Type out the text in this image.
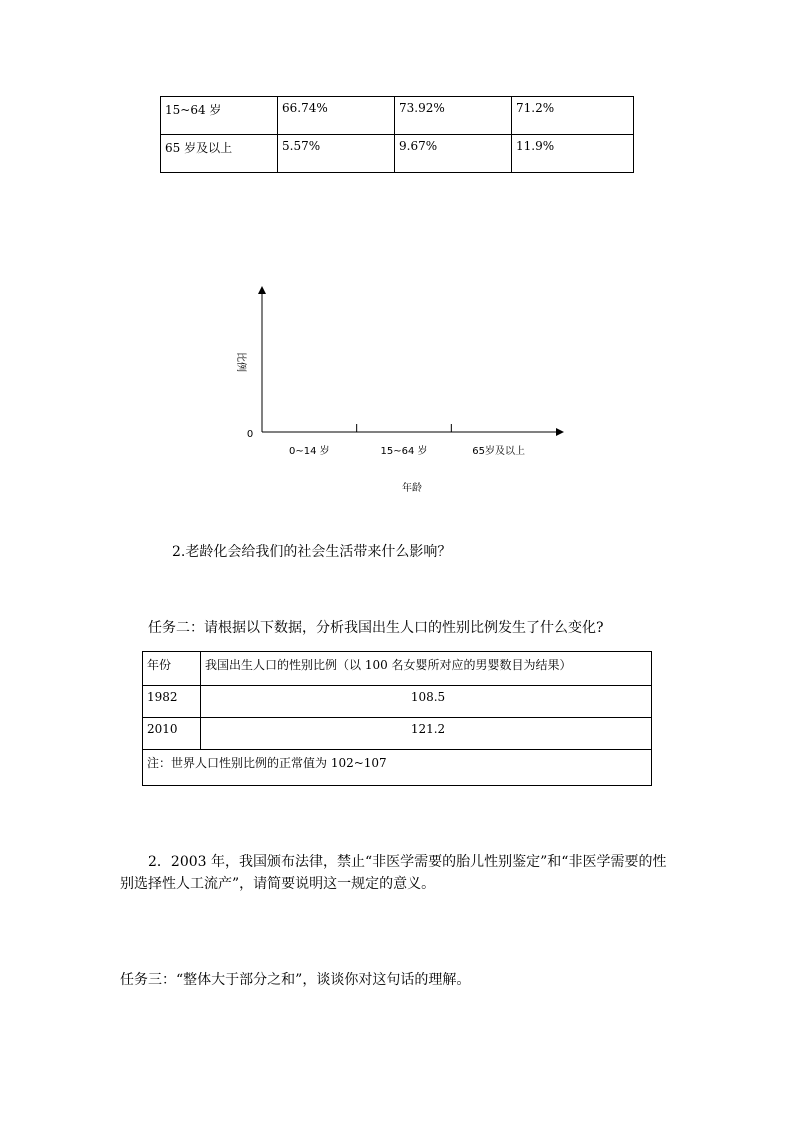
15~64 岁	66.74%	73.92%	71.2%
65 岁及以上	5.57%	9.67%	11.9%
0
比例
年龄
0~14 岁	15~64 岁	65岁及以上
2.老龄化会给我们的社会生活带来什么影响？
任务二：请根据以下数据，分析我国出生人口的性别比例发生了什么变化?
年份	我国出生人口的性别比例（以 100 名女婴所对应的男婴数目为结果）
1982	108.5
2010	121.2
注：世界人口性别比例的正常值为 102~107	
2．2003 年，我国颁布法律，禁止“非医学需要的胎儿性别鉴定”和“非医学需要的性
别选择性人工流产”，请简要说明这一规定的意义。
任务三：“整体大于部分之和”，谈谈你对这句话的理解。
